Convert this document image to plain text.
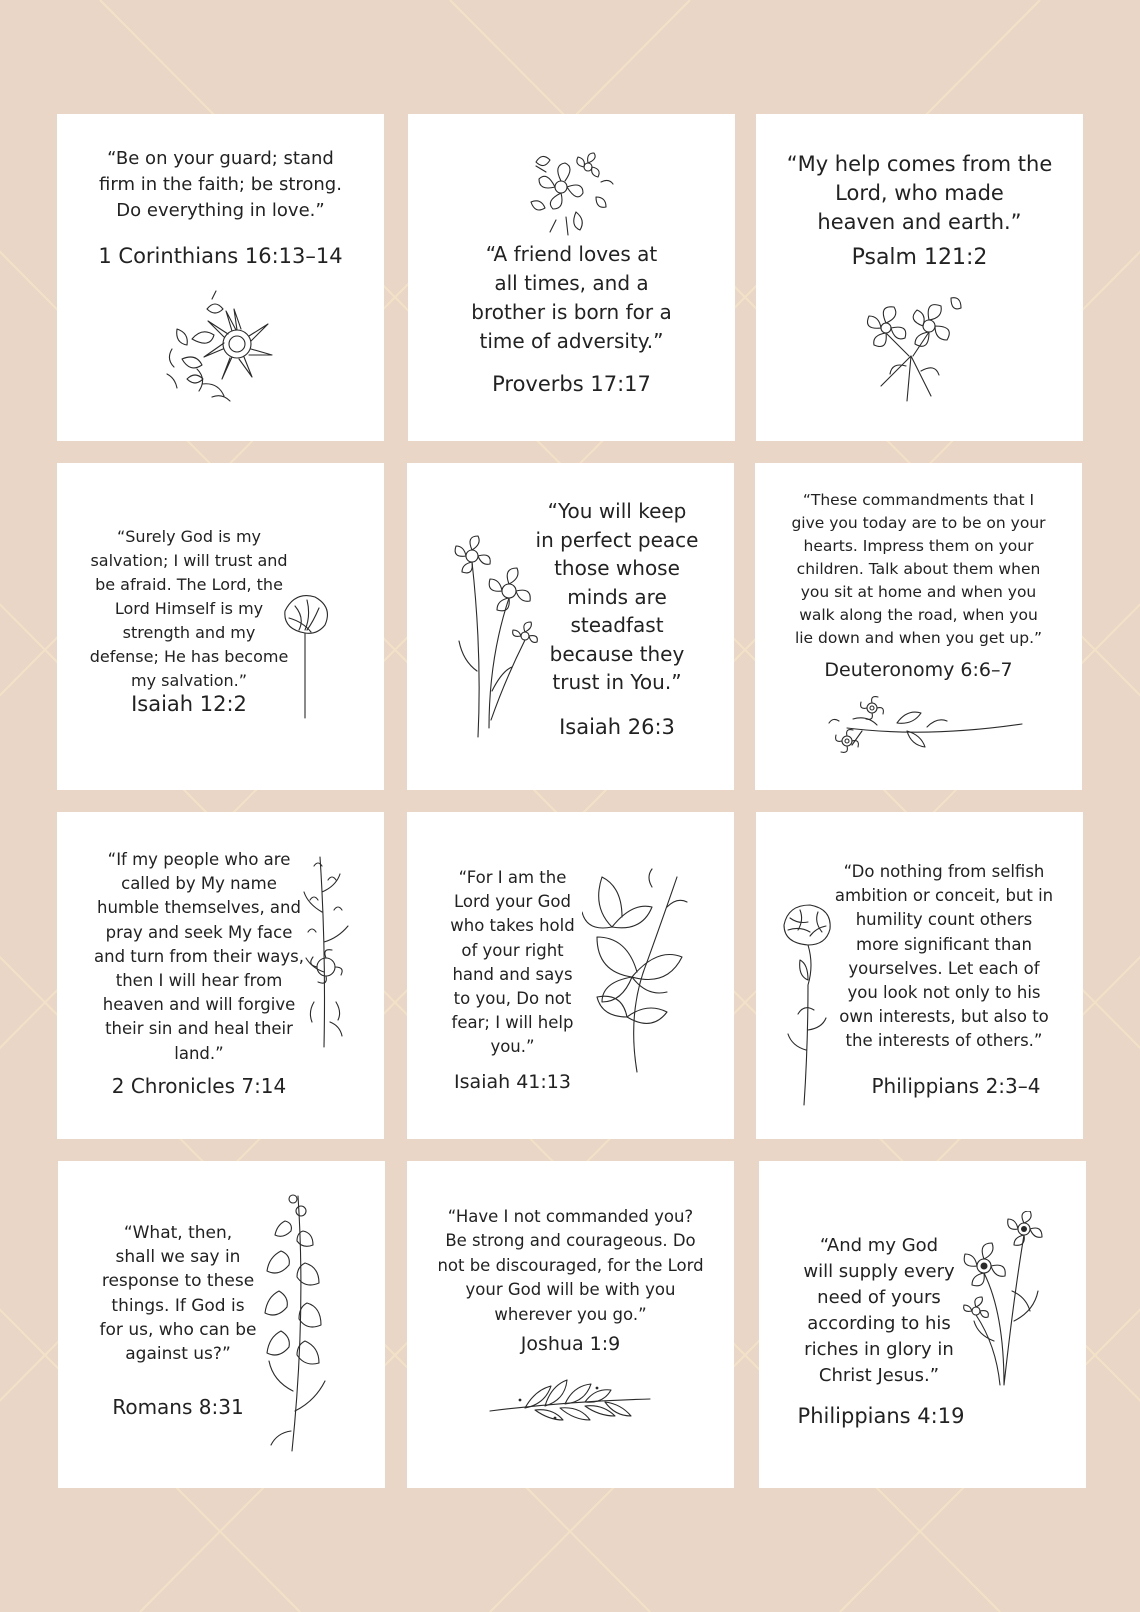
“Be on your guard; stand
firm in the faith; be strong.
Do everything in love.”

1 Corinthians 16:13–14	“A friend loves at
all times, and a
brother is born for a
time of adversity.”

Proverbs 17:17

“My help comes from the
Lord, who made
heaven and earth.”

Psalm 121:2

“Surely God is my
salvation; I will trust and
be afraid. The Lord, the
Lord Himself is my
strength and my
defense; He has become
my salvation.”

Isaiah 12:2

“You will keep
in perfect peace
those whose
minds are
steadfast
because they
trust in You.”

Isaiah 26:3

“These commandments that I
give you today are to be on your
hearts. Impress them on your
children. Talk about them when
you sit at home and when you
walk along the road, when you
lie down and when you get up.”

Deuteronomy 6:6–7

“If my people who are
called by My name
humble themselves, and
pray and seek My face
and turn from their ways,
then I will hear from
heaven and will forgive
their sin and heal their
land.”

2 Chronicles 7:14

“For I am the
Lord your God
who takes hold
of your right
hand and says
to you, Do not
fear; I will help
you.”

Isaiah 41:13

“Do nothing from selfish
ambition or conceit, but in
humility count others
more significant than
yourselves. Let each of
you look not only to his
own interests, but also to
the interests of others.”

Philippians 2:3–4

“What, then,
shall we say in
response to these
things. If God is
for us, who can be
against us?”

Romans 8:31

“Have I not commanded you?
Be strong and courageous. Do
not be discouraged, for the Lord
your God will be with you
wherever you go.”

Joshua 1:9

“And my God
will supply every
need of yours
according to his
riches in glory in
Christ Jesus.”

Philippians 4:19
